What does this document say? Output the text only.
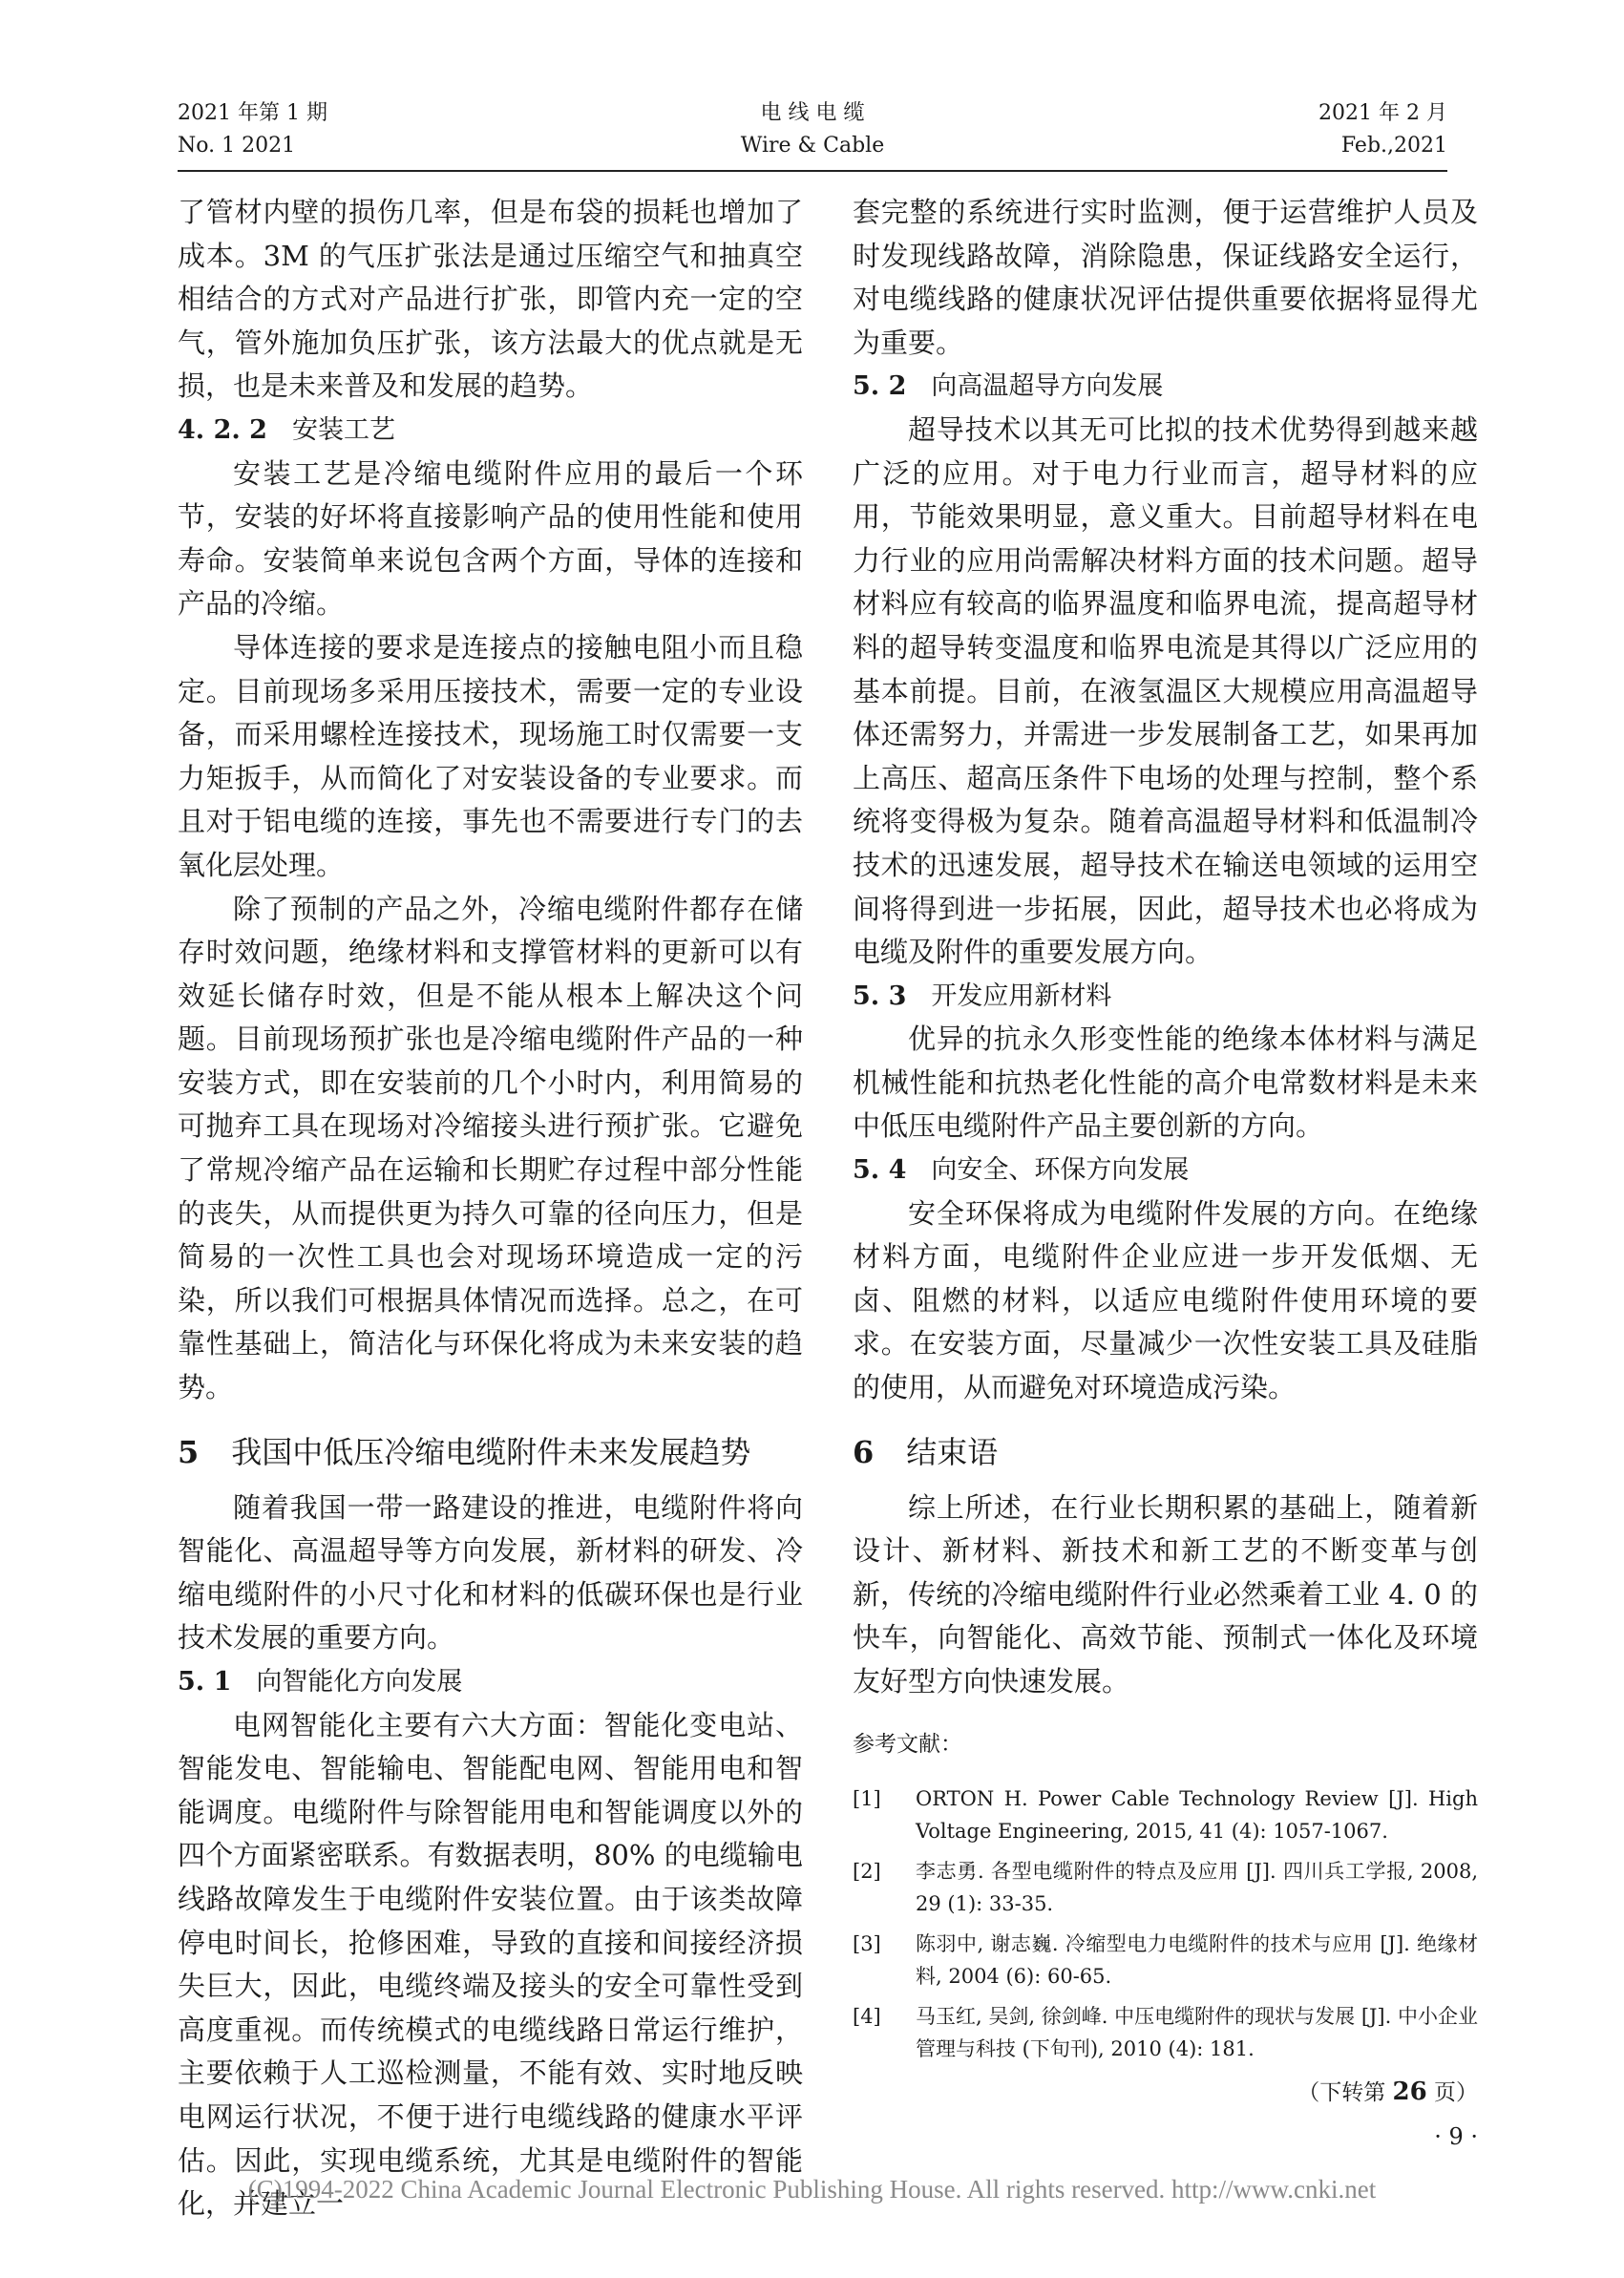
2021 年第 1 期
No. 1 2021
电 线 电 缆
Wire & Cable
2021 年 2 月
Feb.,2021

了管材内壁的损伤几率，但是布袋的损耗也增加了成本。3M 的气压扩张法是通过压缩空气和抽真空相结合的方式对产品进行扩张，即管内充一定的空气，管外施加负压扩张，该方法最大的优点就是无损，也是未来普及和发展的趋势。

4. 2. 2 安装工艺

安装工艺是冷缩电缆附件应用的最后一个环节，安装的好坏将直接影响产品的使用性能和使用寿命。安装简单来说包含两个方面，导体的连接和产品的冷缩。

导体连接的要求是连接点的接触电阻小而且稳定。目前现场多采用压接技术，需要一定的专业设备，而采用螺栓连接技术，现场施工时仅需要一支力矩扳手，从而简化了对安装设备的专业要求。而且对于铝电缆的连接，事先也不需要进行专门的去氧化层处理。

除了预制的产品之外，冷缩电缆附件都存在储存时效问题，绝缘材料和支撑管材料的更新可以有效延长储存时效，但是不能从根本上解决这个问题。目前现场预扩张也是冷缩电缆附件产品的一种安装方式，即在安装前的几个小时内，利用简易的可抛弃工具在现场对冷缩接头进行预扩张。它避免了常规冷缩产品在运输和长期贮存过程中部分性能的丧失，从而提供更为持久可靠的径向压力，但是简易的一次性工具也会对现场环境造成一定的污染，所以我们可根据具体情况而选择。总之，在可靠性基础上，简洁化与环保化将成为未来安装的趋势。

5 我国中低压冷缩电缆附件未来发展趋势

随着我国一带一路建设的推进，电缆附件将向智能化、高温超导等方向发展，新材料的研发、冷缩电缆附件的小尺寸化和材料的低碳环保也是行业技术发展的重要方向。

5. 1 向智能化方向发展

电网智能化主要有六大方面：智能化变电站、智能发电、智能输电、智能配电网、智能用电和智能调度。电缆附件与除智能用电和智能调度以外的四个方面紧密联系。有数据表明，80% 的电缆输电线路故障发生于电缆附件安装位置。由于该类故障停电时间长，抢修困难，导致的直接和间接经济损失巨大，因此，电缆终端及接头的安全可靠性受到高度重视。而传统模式的电缆线路日常运行维护，主要依赖于人工巡检测量，不能有效、实时地反映电网运行状况，不便于进行电缆线路的健康水平评估。因此，实现电缆系统，尤其是电缆附件的智能化，并建立一

套完整的系统进行实时监测，便于运营维护人员及时发现线路故障，消除隐患，保证线路安全运行，对电缆线路的健康状况评估提供重要依据将显得尤为重要。

5. 2 向高温超导方向发展

超导技术以其无可比拟的技术优势得到越来越广泛的应用。对于电力行业而言，超导材料的应用，节能效果明显，意义重大。目前超导材料在电力行业的应用尚需解决材料方面的技术问题。超导材料应有较高的临界温度和临界电流，提高超导材料的超导转变温度和临界电流是其得以广泛应用的基本前提。目前，在液氢温区大规模应用高温超导体还需努力，并需进一步发展制备工艺，如果再加上高压、超高压条件下电场的处理与控制，整个系统将变得极为复杂。随着高温超导材料和低温制冷技术的迅速发展，超导技术在输送电领域的运用空间将得到进一步拓展，因此，超导技术也必将成为电缆及附件的重要发展方向。

5. 3 开发应用新材料

优异的抗永久形变性能的绝缘本体材料与满足机械性能和抗热老化性能的高介电常数材料是未来中低压电缆附件产品主要创新的方向。

5. 4 向安全、环保方向发展

安全环保将成为电缆附件发展的方向。在绝缘材料方面，电缆附件企业应进一步开发低烟、无卤、阻燃的材料，以适应电缆附件使用环境的要求。在安装方面，尽量减少一次性安装工具及硅脂的使用，从而避免对环境造成污染。

6 结束语

综上所述，在行业长期积累的基础上，随着新设计、新材料、新技术和新工艺的不断变革与创新，传统的冷缩电缆附件行业必然乘着工业 4. 0 的快车，向智能化、高效节能、预制式一体化及环境友好型方向快速发展。

参考文献：
[1] ORTON H. Power Cable Technology Review [J]. High Voltage Engineering, 2015, 41 (4): 1057-1067.
[2] 李志勇. 各型电缆附件的特点及应用 [J]. 四川兵工学报, 2008, 29 (1): 33-35.
[3] 陈羽中, 谢志巍. 冷缩型电力电缆附件的技术与应用 [J]. 绝缘材料, 2004 (6): 60-65.
[4] 马玉红, 吴剑, 徐剑峰. 中压电缆附件的现状与发展 [J]. 中小企业管理与科技 (下旬刊), 2010 (4): 181.
（下转第 26 页）
· 9 ·
(C)1994-2022 China Academic Journal Electronic Publishing House. All rights reserved. http://www.cnki.net
